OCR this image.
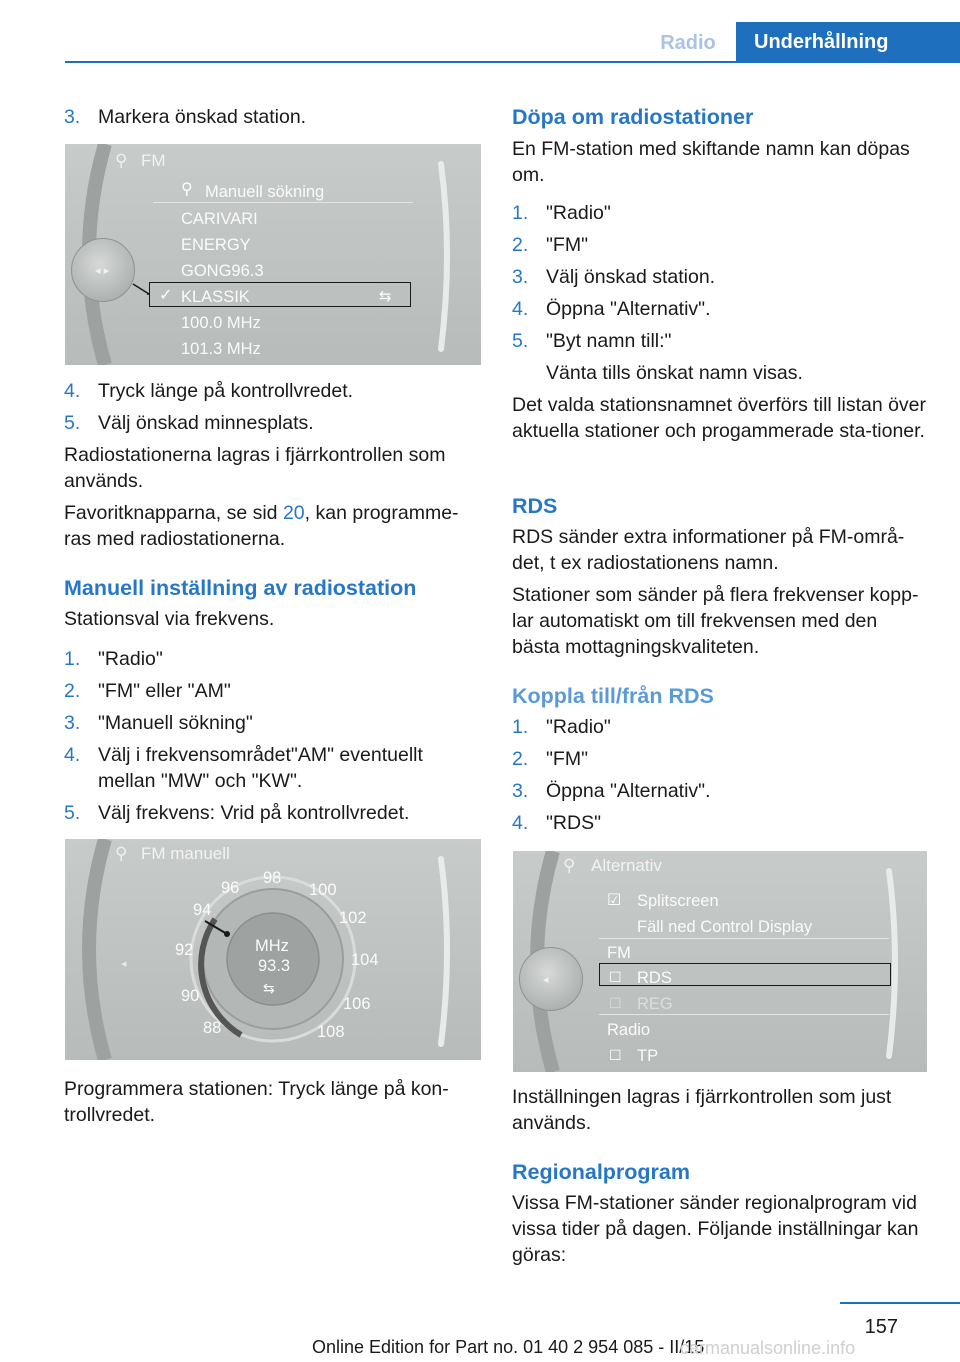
Radio	Underhållning
3. Markera önskad station.
◂ ▸
⚲ FM
⚲ Manuell sökning
CARIVARI
ENERGY
GONG96.3
✓ KLASSIK	⇆
100.0 MHz
101.3 MHz
4. Tryck länge på kontrollvredet.
5. Välj önskad minnesplats.
Radiostationerna lagras i fjärrkontrollen som används.
Favoritknapparna, se sid 20, kan programme‐ras med radiostationerna.
Manuell inställning av radiostation
Stationsval via frekvens.
1. "Radio"
2. "FM" eller "AM"
3. "Manuell sökning"
4. Välj i frekvensområdet"AM" eventuellt mellan "MW" och "KW".
5. Välj frekvens: Vrid på kontrollvredet.
⚲ FM manuell
◂
88
90
92
94
96
98
100
102
104
106
108
MHz
93.3
⇆
Programmera stationen: Tryck länge på kon‐trollvredet.
Döpa om radiostationer
En FM-station med skiftande namn kan döpas om.
1. "Radio"
2. "FM"
3. Välj önskad station.
4. Öppna "Alternativ".
5. "Byt namn till:"
Vänta tills önskat namn visas.
Det valda stationsnamnet överförs till listan över aktuella stationer och progammerade sta‐tioner.
RDS
RDS sänder extra informationer på FM-områ‐det, t ex radiostationens namn.
Stationer som sänder på flera frekvenser kopp‐lar automatiskt om till frekvensen med den bästa mottagningskvaliteten.
Koppla till/från RDS
1. "Radio"
2. "FM"
3. Öppna "Alternativ".
4. "RDS"
◂
⚲ Alternativ
☑ Splitscreen
Fäll ned Control Display
FM
☐ RDS
☐ REG
Radio
☐ TP
Inställningen lagras i fjärrkontrollen som just används.
Regionalprogram
Vissa FM-stationer sänder regionalprogram vid vissa tider på dagen. Följande inställningar kan göras:
157
Online Edition for Part no. 01 40 2 954 085 - II/15
carmanualsonline.info
